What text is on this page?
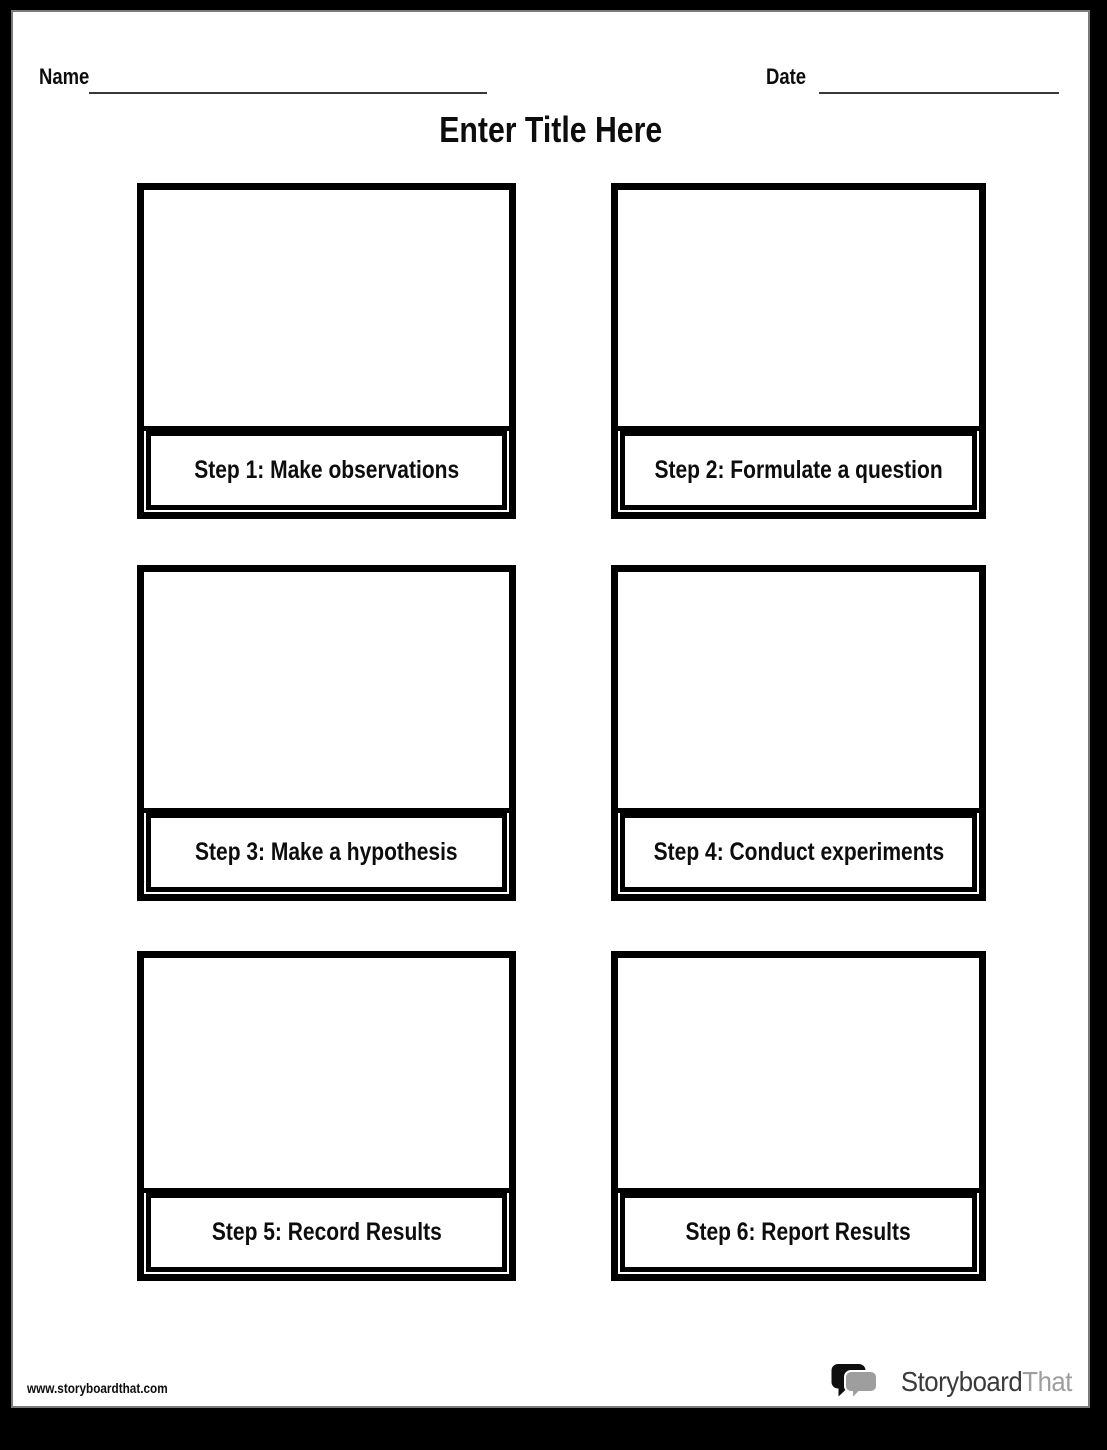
Name	Date
Enter Title Here
Step 1: Make observations	Step 2: Formulate a question
Step 3: Make a hypothesis	Step 4: Conduct experiments
Step 5: Record Results	Step 6: Report Results
www.storyboardthat.com	StoryboardThat
